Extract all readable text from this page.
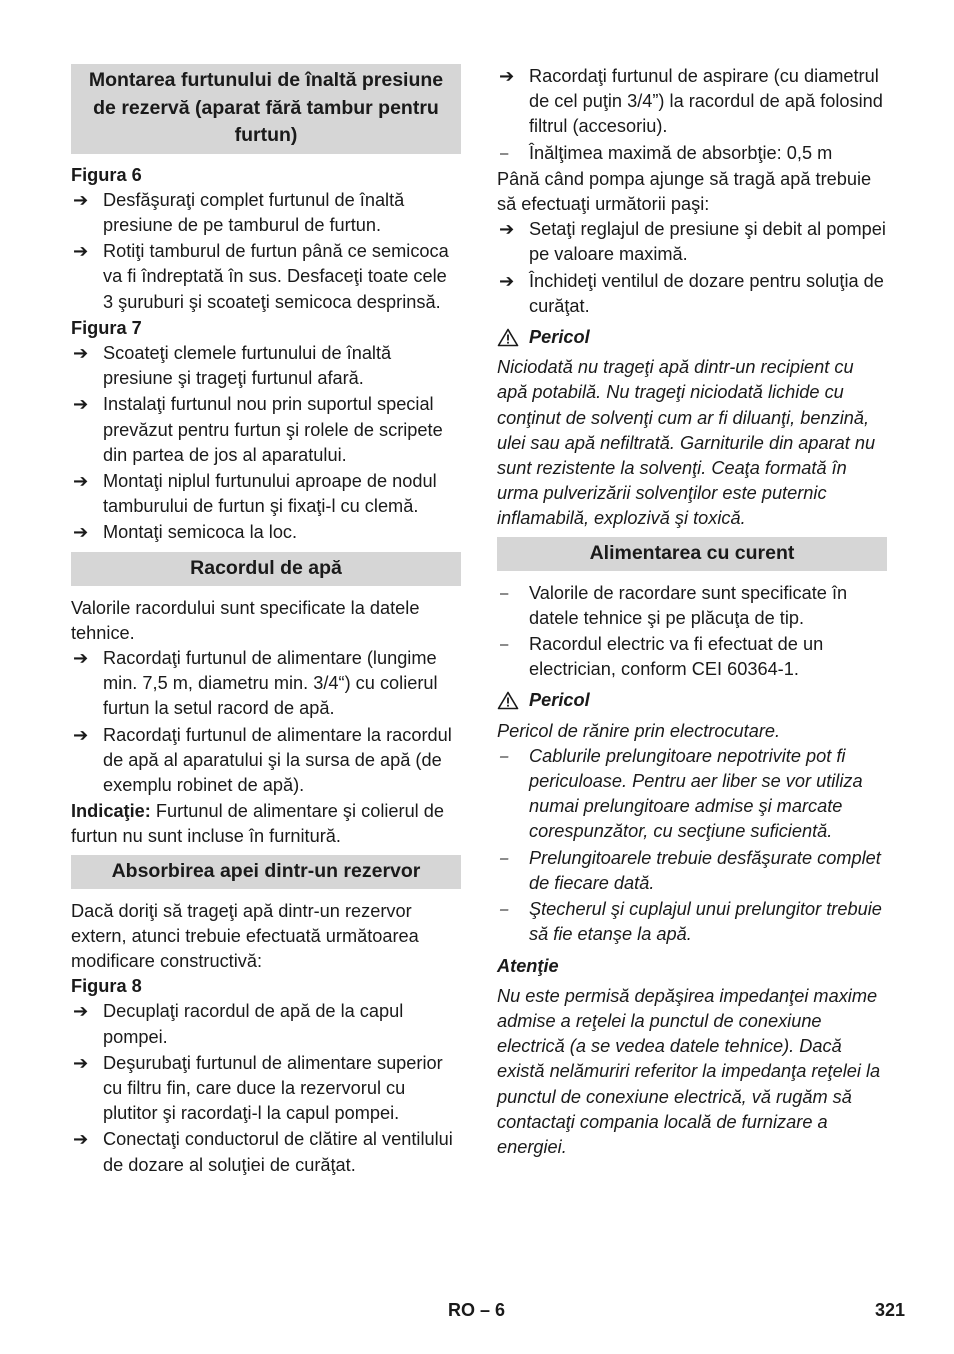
Montarea furtunului de înaltă presiune de rezervă (aparat fără tambur pentru furtun)
Figura 6
➔ Desfăşuraţi complet furtunul de înaltă presiune de pe tamburul de furtun.
➔ Rotiţi tamburul de furtun până ce semicoca va fi îndreptată în sus. Desfaceţi toate cele 3 şuruburi şi scoateţi semicoca desprinsă.
Figura 7
➔ Scoateţi clemele furtunului de înaltă presiune şi trageţi furtunul afară.
➔ Instalaţi furtunul nou prin suportul special prevăzut pentru furtun şi rolele de scripete din partea de jos al aparatului.
➔ Montaţi niplul furtunului aproape de nodul tamburului de furtun şi fixaţi-l cu clemă.
➔ Montaţi semicoca la loc.
Racordul de apă
Valorile racordului sunt specificate la datele tehnice.
➔ Racordaţi furtunul de alimentare (lungime min. 7,5 m, diametru min. 3/4“) cu colierul furtun la setul racord de apă.
➔ Racordaţi furtunul de alimentare la racordul de apă al aparatului şi la sursa de apă (de exemplu robinet de apă).
Indicaţie: Furtunul de alimentare şi colierul de furtun nu sunt incluse în furnitură.
Absorbirea apei dintr-un rezervor
Dacă doriţi să trageţi apă dintr-un rezervor extern, atunci trebuie efectuată următoarea modificare constructivă:
Figura 8
➔ Decuplaţi racordul de apă de la capul pompei.
➔ Deşurubaţi furtunul de alimentare superior cu filtru fin, care duce la rezervorul cu plutitor şi racordaţi-l la capul pompei.
➔ Conectaţi conductorul de clătire al ventilului de dozare al soluţiei de curăţat.
➔ Racordaţi furtunul de aspirare (cu diametrul de cel puţin 3/4”) la racordul de apă folosind filtrul (accesoriu).
–	Înălţimea maximă de absorbţie: 0,5 m
Până când pompa ajunge să tragă apă trebuie să efectuaţi următorii paşi:
➔ Setaţi reglajul de presiune şi debit al pompei pe valoare maximă.
➔ Închideţi ventilul de dozare pentru soluţia de curăţat.
Pericol
Niciodată nu trageţi apă dintr-un recipient cu apă potabilă. Nu trageţi niciodată lichide cu conţinut de solvenţi cum ar fi diluanţi, benzină, ulei sau apă nefiltrată. Garniturile din aparat nu sunt rezistente la solvenţi. Ceaţa formată în urma pulverizării solvenţilor este puternic inflamabilă, explozivă şi toxică.
Alimentarea cu curent
–	Valorile de racordare sunt specificate în datele tehnice şi pe plăcuţa de tip.
–	Racordul electric va fi efectuat de un electrician, conform CEI 60364-1.
Pericol
Pericol de rănire prin electrocutare.
–	Cablurile prelungitoare nepotrivite pot fi periculoase. Pentru aer liber se vor utiliza numai prelungitoare admise şi marcate corespunzător, cu secţiune suficientă.
–	Prelungitoarele trebuie desfăşurate complet de fiecare dată.
–	Ştecherul şi cuplajul unui prelungitor trebuie să fie etanşe la apă.
Atenţie
Nu este permisă depăşirea impedanţei maxime admise a reţelei la punctul de conexiune electrică (a se vedea datele tehnice). Dacă există nelămuriri referitor la impedanţa reţelei la punctul de conexiune electrică, vă rugăm să contactaţi compania locală de furnizare a energiei.
RO – 6	321
